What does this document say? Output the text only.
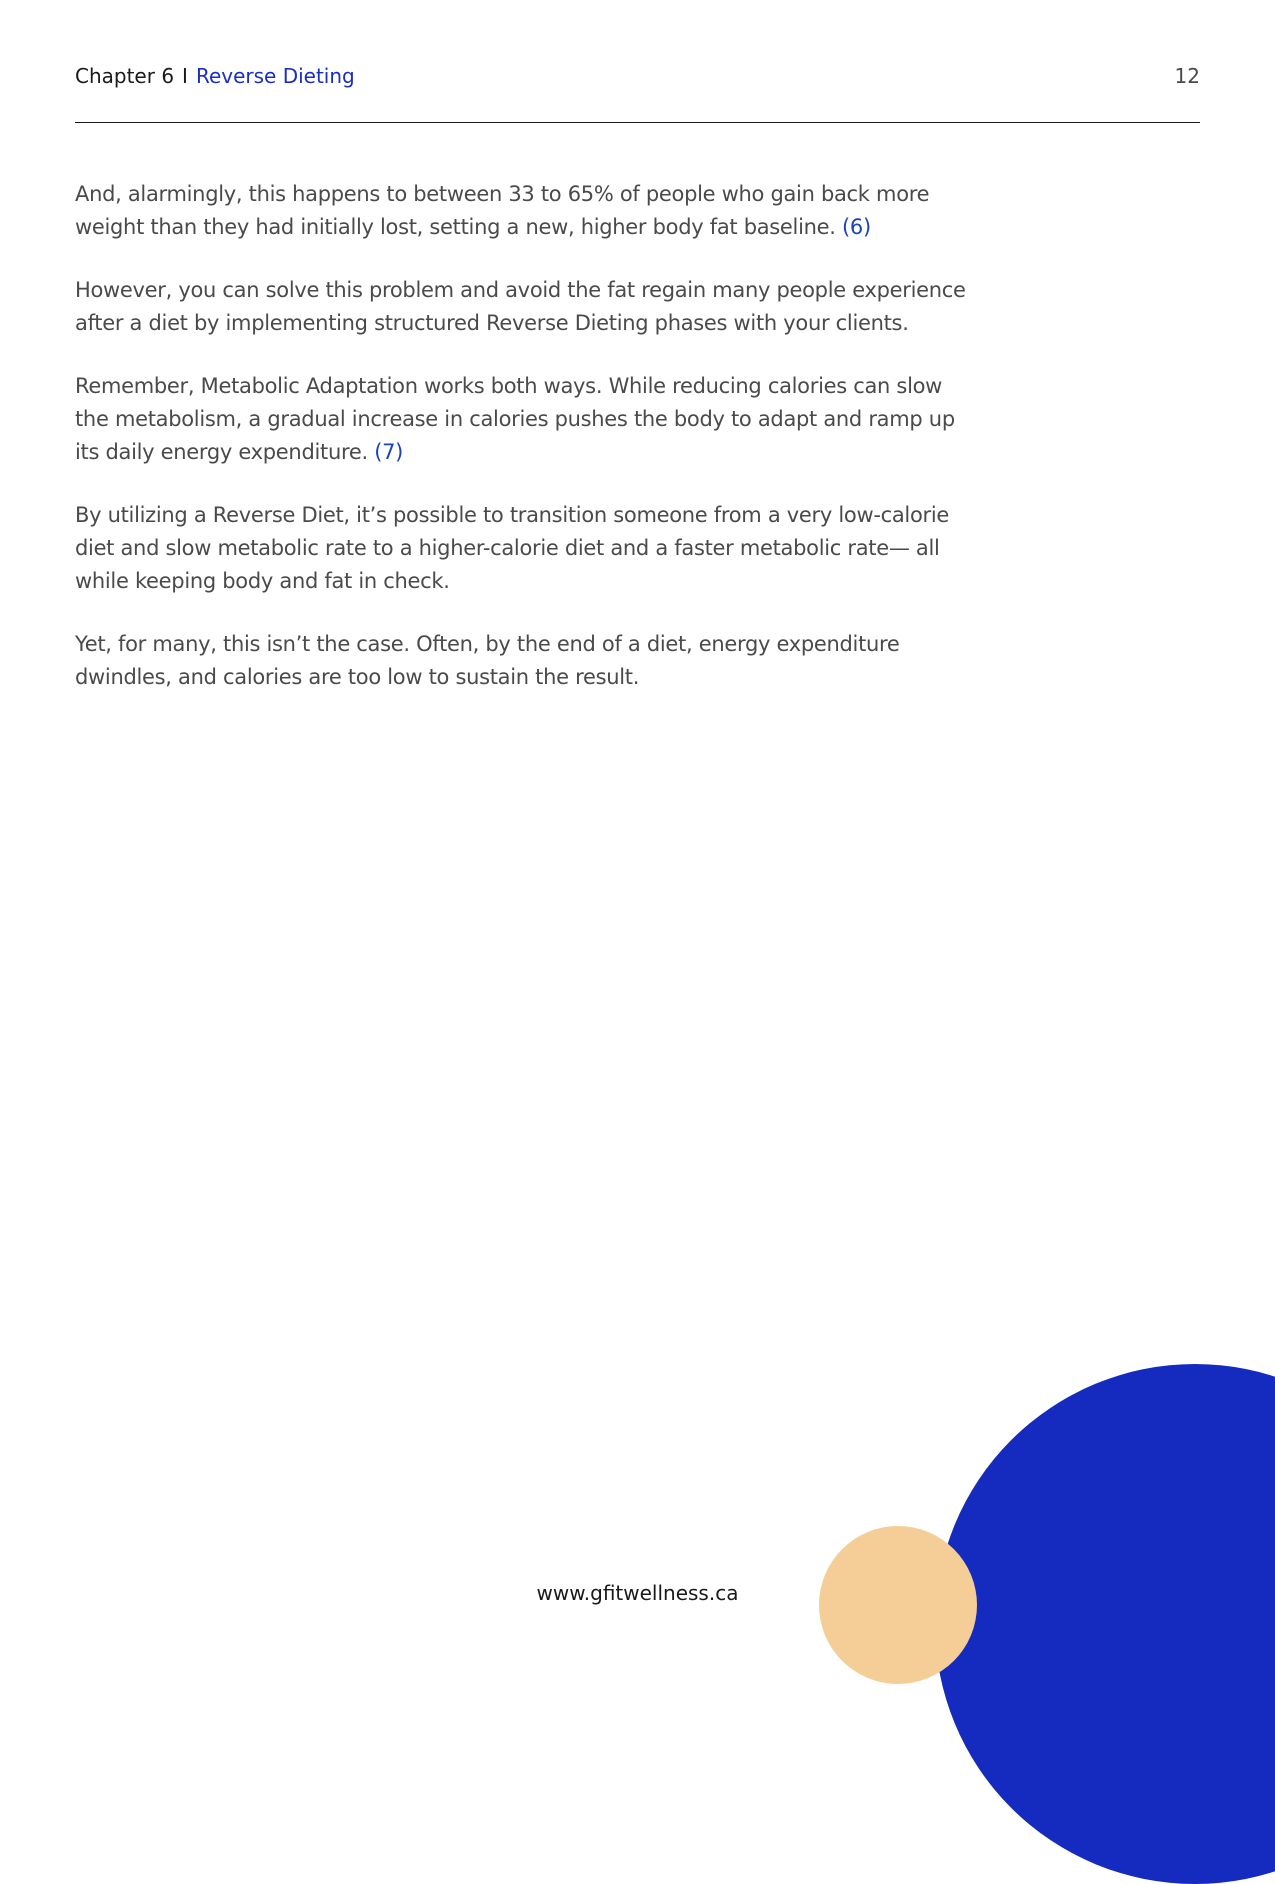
Chapter 6 I Reverse Dieting	12

And, alarmingly, this happens to between 33 to 65% of people who gain back more weight than they had initially lost, setting a new, higher body fat baseline. (6)

However, you can solve this problem and avoid the fat regain many people experience after a diet by implementing structured Reverse Dieting phases with your clients.

Remember, Metabolic Adaptation works both ways. While reducing calories can slow the metabolism, a gradual increase in calories pushes the body to adapt and ramp up its daily energy expenditure. (7)

By utilizing a Reverse Diet, it’s possible to transition someone from a very low-calorie diet and slow metabolic rate to a higher-calorie diet and a faster metabolic rate— all while keeping body and fat in check.

Yet, for many, this isn’t the case. Often, by the end of a diet, energy expenditure dwindles, and calories are too low to sustain the result.

www.gfitwellness.ca
